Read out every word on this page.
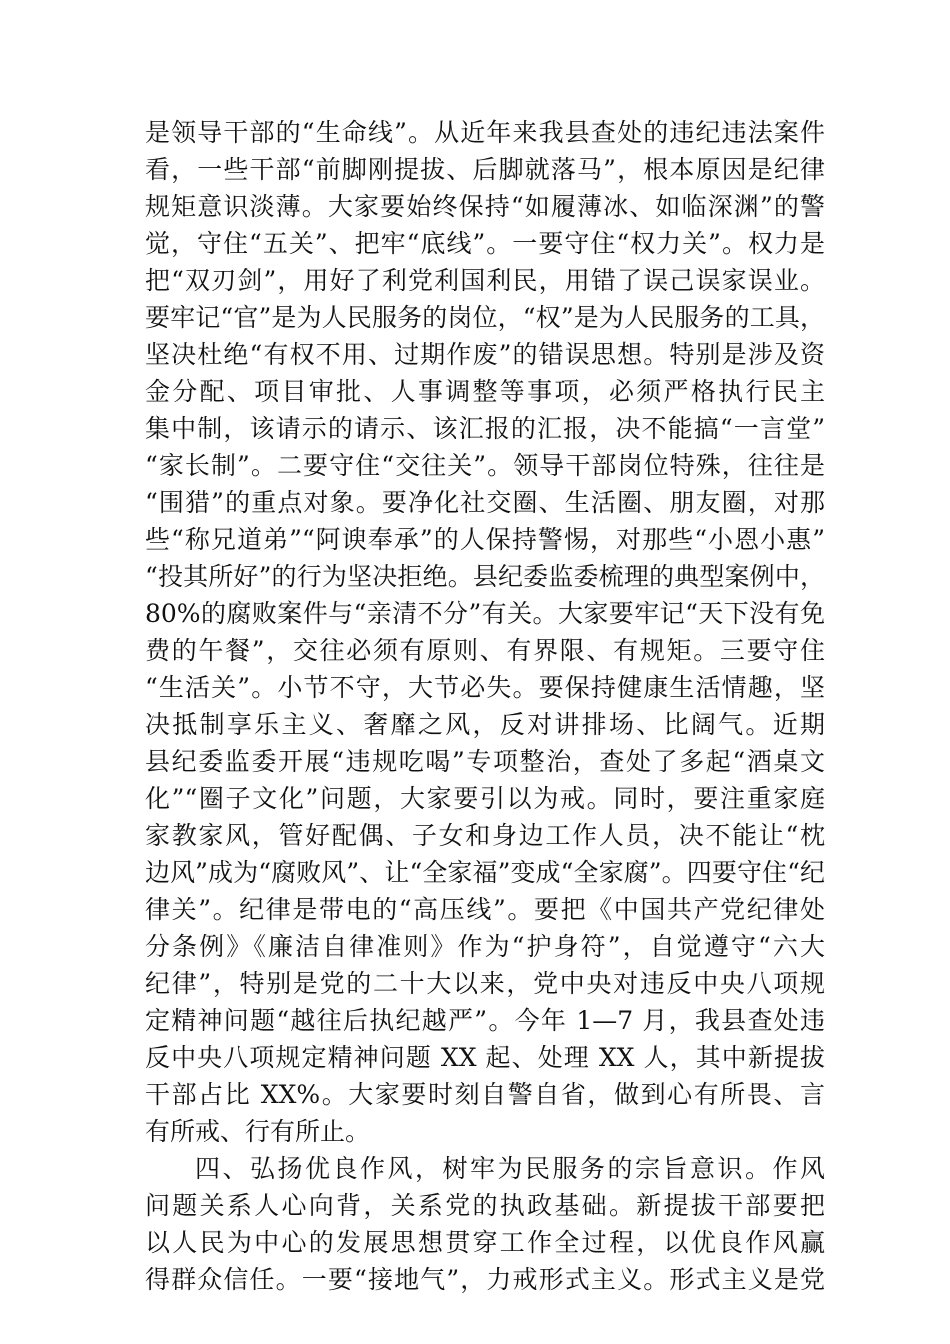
是领导干部的“生命线”。从近年来我县查处的违纪违法案件
看，一些干部“前脚刚提拔、后脚就落马”，根本原因是纪律
规矩意识淡薄。大家要始终保持“如履薄冰、如临深渊”的警
觉，守住“五关”、把牢“底线”。一要守住“权力关”。权力是
把“双刃剑”，用好了利党利国利民，用错了误己误家误业。
要牢记“官”是为人民服务的岗位，“权”是为人民服务的工具，
坚决杜绝“有权不用、过期作废”的错误思想。特别是涉及资
金分配、项目审批、人事调整等事项，必须严格执行民主
集中制，该请示的请示、该汇报的汇报，决不能搞“一言堂”
“家长制”。二要守住“交往关”。领导干部岗位特殊，往往是
“围猎”的重点对象。要净化社交圈、生活圈、朋友圈，对那
些“称兄道弟”“阿谀奉承”的人保持警惕，对那些“小恩小惠”
“投其所好”的行为坚决拒绝。县纪委监委梳理的典型案例中，
80%的腐败案件与“亲清不分”有关。大家要牢记“天下没有免
费的午餐”，交往必须有原则、有界限、有规矩。三要守住
“生活关”。小节不守，大节必失。要保持健康生活情趣，坚
决抵制享乐主义、奢靡之风，反对讲排场、比阔气。近期
县纪委监委开展“违规吃喝”专项整治，查处了多起“酒桌文
化”“圈子文化”问题，大家要引以为戒。同时，要注重家庭
家教家风，管好配偶、子女和身边工作人员，决不能让“枕
边风”成为“腐败风”、让“全家福”变成“全家腐”。四要守住“纪
律关”。纪律是带电的“高压线”。要把《中国共产党纪律处
分条例》《廉洁自律准则》作为“护身符”，自觉遵守“六大
纪律”，特别是党的二十大以来，党中央对违反中央八项规
定精神问题“越往后执纪越严”。今年 1—7 月，我县查处违
反中央八项规定精神问题 XX 起、处理 XX 人，其中新提拔
干部占比 XX%。大家要时刻自警自省，做到心有所畏、言
有所戒、行有所止。
四、弘扬优良作风，树牢为民服务的宗旨意识。作风
问题关系人心向背，关系党的执政基础。新提拔干部要把
以人民为中心的发展思想贯穿工作全过程，以优良作风赢
得群众信任。一要“接地气”，力戒形式主义。形式主义是党
